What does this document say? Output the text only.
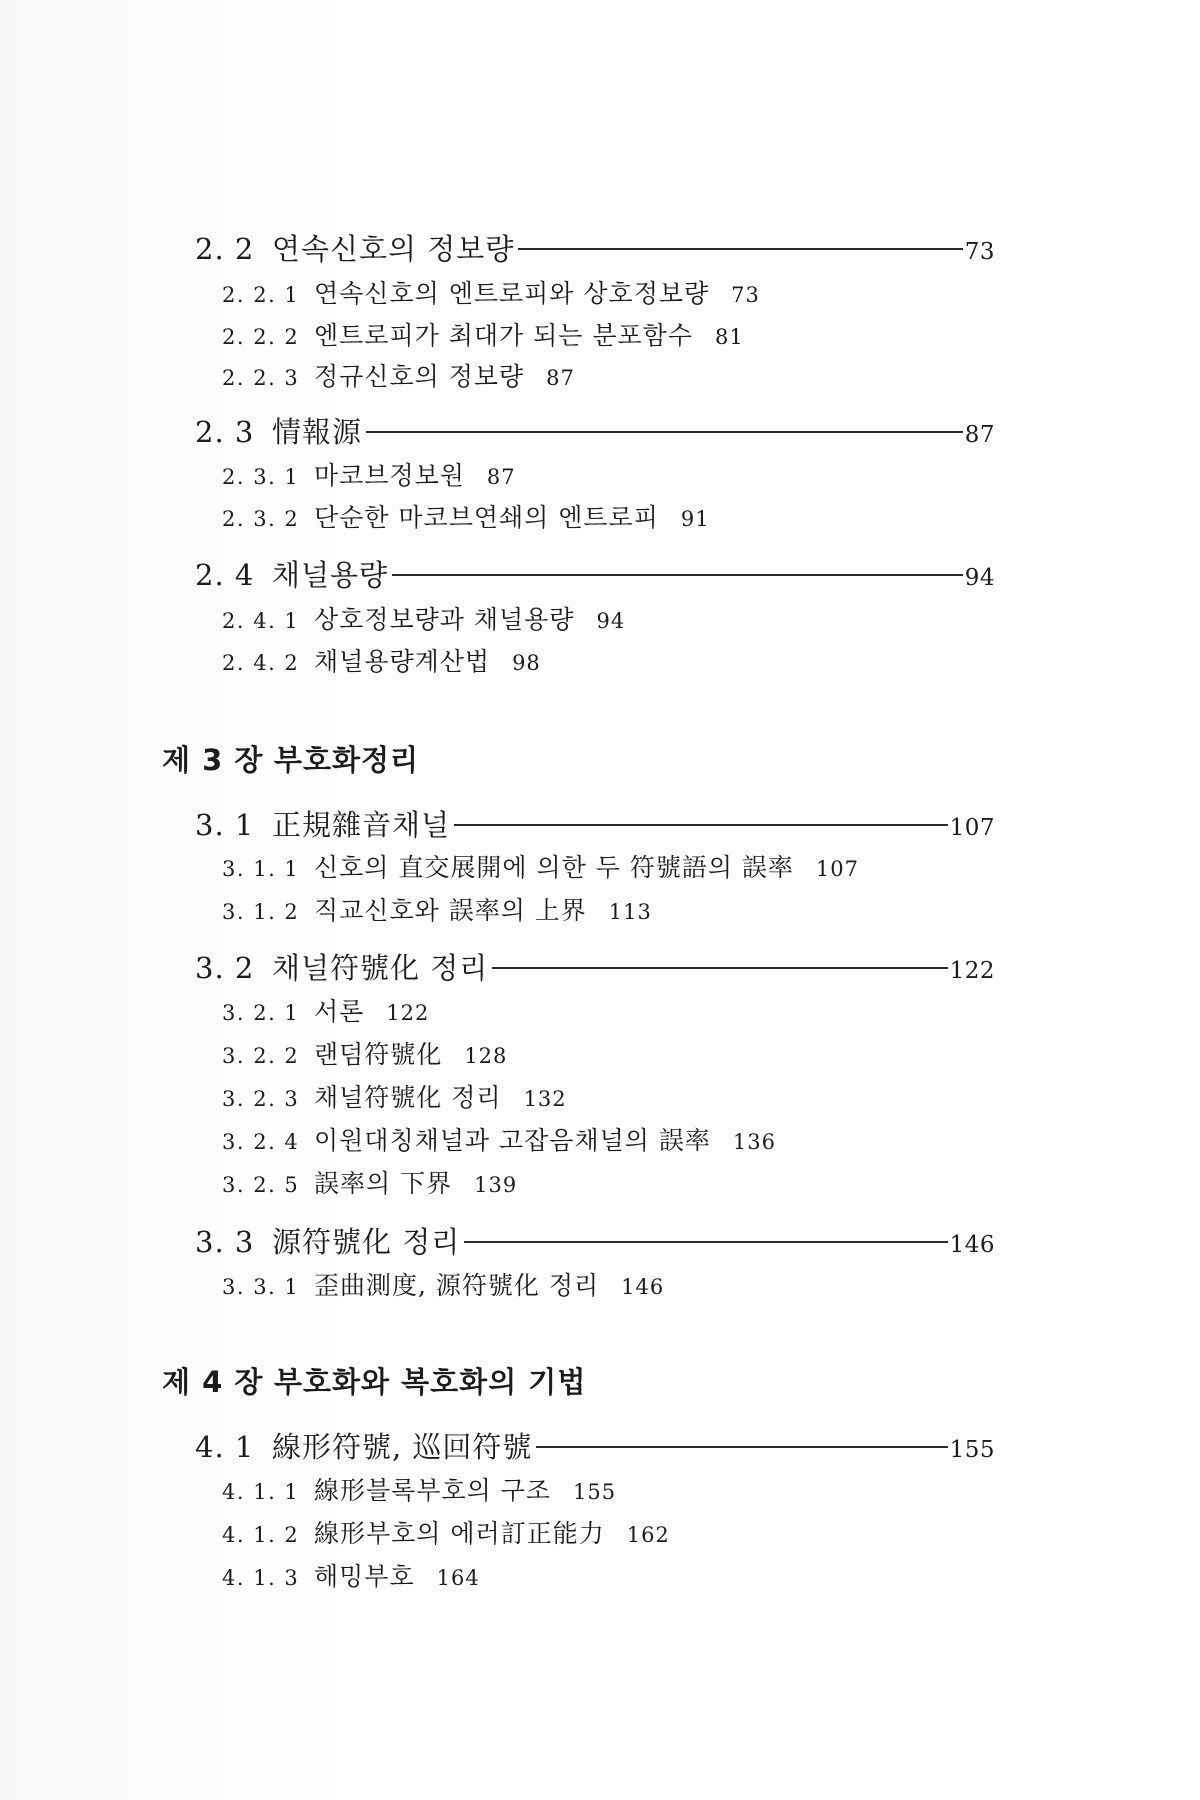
2. 2 연속신호의 정보량	73
2. 2. 1 연속신호의 엔트로피와 상호정보량 73
2. 2. 2 엔트로피가 최대가 되는 분포함수 81
2. 2. 3 정규신호의 정보량 87
2. 3 情報源	87
2. 3. 1 마코브정보원 87
2. 3. 2 단순한 마코브연쇄의 엔트로피 91
2. 4 채널용량	94
2. 4. 1 상호정보량과 채널용량 94
2. 4. 2 채널용량계산법 98
제 3 장 부호화정리
3. 1 正規雜音채널	107
3. 1. 1 신호의 直交展開에 의한 두 符號語의 誤率 107
3. 1. 2 직교신호와 誤率의 上界 113
3. 2 채널符號化 정리	122
3. 2. 1 서론 122
3. 2. 2 랜덤符號化 128
3. 2. 3 채널符號化 정리 132
3. 2. 4 이원대칭채널과 고잡음채널의 誤率 136
3. 2. 5 誤率의 下界 139
3. 3 源符號化 정리	146
3. 3. 1 歪曲測度, 源符號化 정리 146
제 4 장 부호화와 복호화의 기법
4. 1 線形符號, 巡回符號	155
4. 1. 1 線形블록부호의 구조 155
4. 1. 2 線形부호의 에러訂正能力 162
4. 1. 3 해밍부호 164
